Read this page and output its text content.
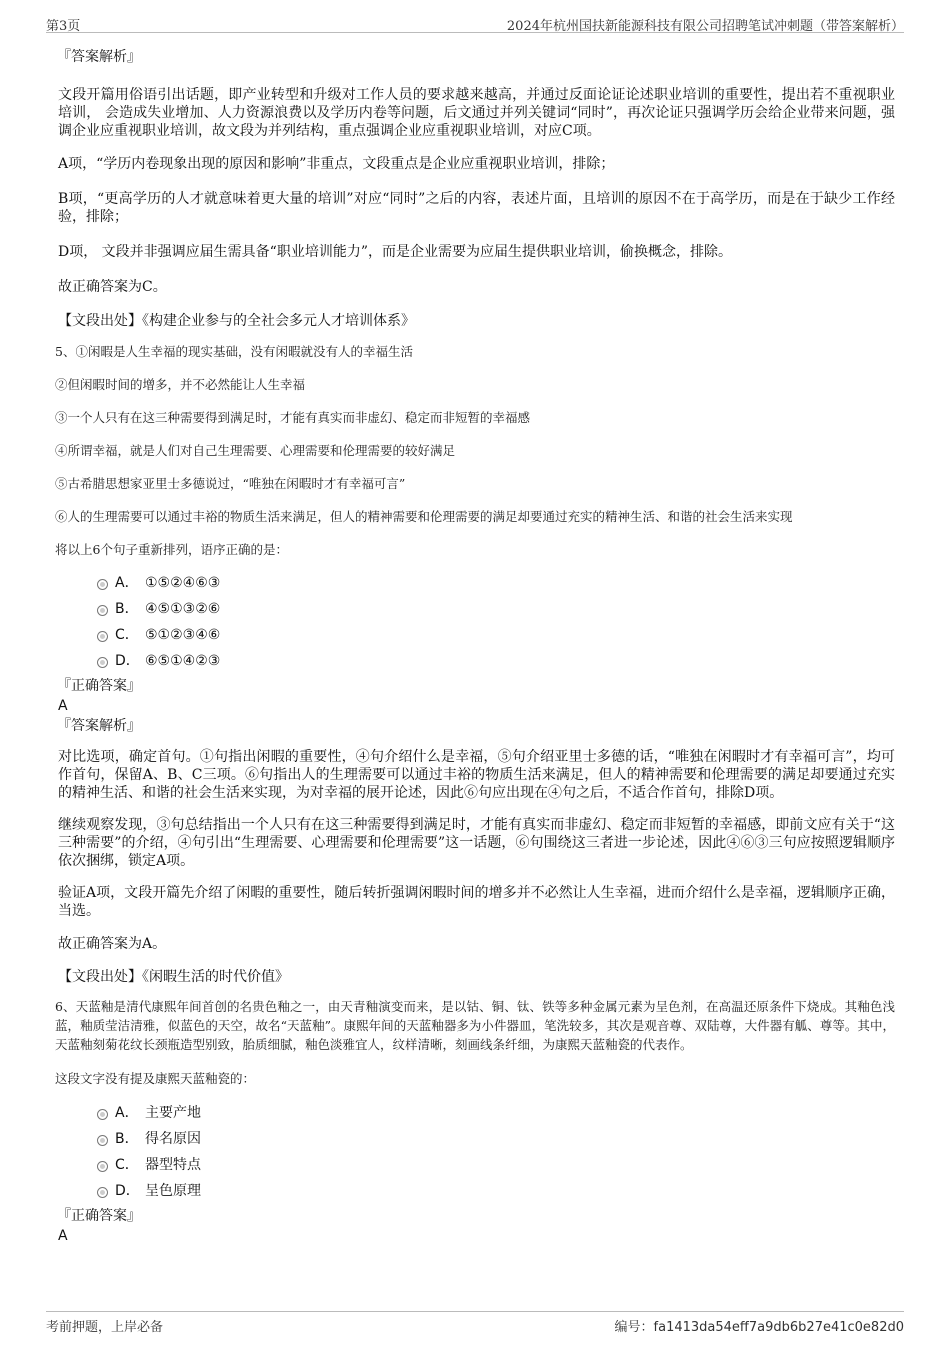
第3页	2024年杭州国扶新能源科技有限公司招聘笔试冲刺题（带答案解析）
『答案解析』

文段开篇用俗语引出话题，即产业转型和升级对工作人员的要求越来越高，并通过反面论证论述职业培训的重要性，提出若不重视职业培训， 会造成失业增加、人力资源浪费以及学历内卷等问题，后文通过并列关键词“同时”，再次论证只强调学历会给企业带来问题，强调企业应重视职业培训，故文段为并列结构，重点强调企业应重视职业培训，对应C项。

A项，“学历内卷现象出现的原因和影响”非重点，文段重点是企业应重视职业培训，排除；

B项，“更高学历的人才就意味着更大量的培训”对应“同时”之后的内容，表述片面，且培训的原因不在于高学历，而是在于缺少工作经验，排除；

D项， 文段并非强调应届生需具备“职业培训能力”，而是企业需要为应届生提供职业培训，偷换概念，排除。

故正确答案为C。

【文段出处】《构建企业参与的全社会多元人才培训体系》

5、①闲暇是人生幸福的现实基础，没有闲暇就没有人的幸福生活

②但闲暇时间的增多，并不必然能让人生幸福

③一个人只有在这三种需要得到满足时，才能有真实而非虚幻、稳定而非短暂的幸福感

④所谓幸福，就是人们对自己生理需要、心理需要和伦理需要的较好满足

⑤古希腊思想家亚里士多德说过，“唯独在闲暇时才有幸福可言”

⑥人的生理需要可以通过丰裕的物质生活来满足，但人的精神需要和伦理需要的满足却要通过充实的精神生活、和谐的社会生活来实现

将以上6个句子重新排列，语序正确的是：

A． ①⑤②④⑥③
B． ④⑤①③②⑥
C． ⑤①②③④⑥
D． ⑥⑤①④②③
『正确答案』
A
『答案解析』

对比选项，确定首句。①句指出闲暇的重要性，④句介绍什么是幸福，⑤句介绍亚里士多德的话，“唯独在闲暇时才有幸福可言”，均可作首句，保留A、B、C三项。⑥句指出人的生理需要可以通过丰裕的物质生活来满足，但人的精神需要和伦理需要的满足却要通过充实的精神生活、和谐的社会生活来实现，为对幸福的展开论述，因此⑥句应出现在④句之后，不适合作首句，排除D项。

继续观察发现，③句总结指出一个人只有在这三种需要得到满足时，才能有真实而非虚幻、稳定而非短暂的幸福感，即前文应有关于“这三种需要”的介绍，④句引出“生理需要、心理需要和伦理需要”这一话题，⑥句围绕这三者进一步论述，因此④⑥③三句应按照逻辑顺序依次捆绑，锁定A项。

验证A项，文段开篇先介绍了闲暇的重要性，随后转折强调闲暇时间的增多并不必然让人生幸福，进而介绍什么是幸福，逻辑顺序正确，当选。

故正确答案为A。

【文段出处】《闲暇生活的时代价值》

6、天蓝釉是清代康熙年间首创的名贵色釉之一，由天青釉演变而来，是以钴、铜、钛、铁等多种金属元素为呈色剂，在高温还原条件下烧成。其釉色浅蓝，釉质莹洁清雅，似蓝色的天空，故名“天蓝釉”。康熙年间的天蓝釉器多为小件器皿，笔洗较多，其次是观音尊、双陆尊，大件器有觚、尊等。其中，天蓝釉刻菊花纹长颈瓶造型别致，胎质细腻，釉色淡雅宜人，纹样清晰，刻画线条纤细，为康熙天蓝釉瓷的代表作。

这段文字没有提及康熙天蓝釉瓷的：

A． 主要产地
B． 得名原因
C． 器型特点
D． 呈色原理
『正确答案』
A
考前押题，上岸必备	编号：fa1413da54eff7a9db6b27e41c0e82d0
